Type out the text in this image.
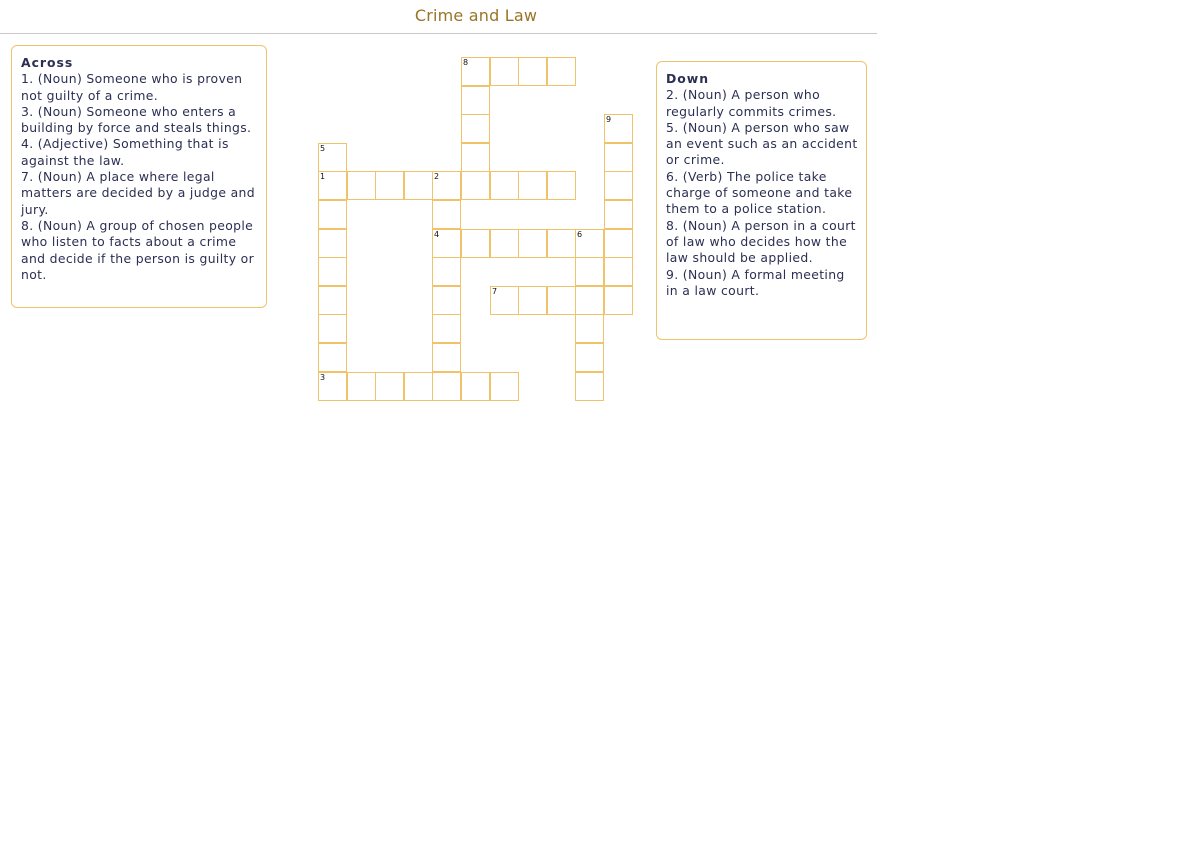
Crime and Law

Across

1. (Noun) Someone who is proven not guilty of a crime.

3. (Noun) Someone who enters a building by force and steals things.

4. (Adjective) Something that is against the law.

7. (Noun) A place where legal matters are decided by a judge and jury.

8. (Noun) A group of chosen people who listen to facts about a crime and decide if the person is guilty or not.

8
9
5
1	2
4	6
7
3

Down

2. (Noun) A person who regularly commits crimes.

5. (Noun) A person who saw an event such as an accident or crime.

6. (Verb) The police take charge of someone and take them to a police station.

8. (Noun) A person in a court of law who decides how the law should be applied.

9. (Noun) A formal meeting in a law court.
